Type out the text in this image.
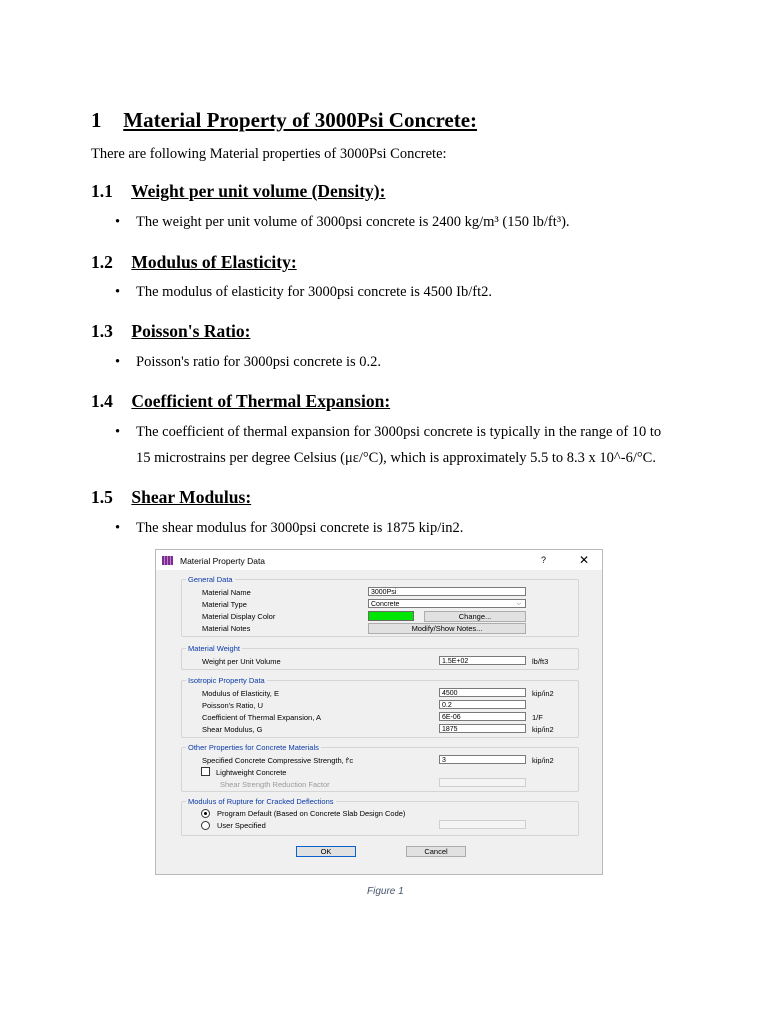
1 Material Property of 3000Psi Concrete:
There are following Material properties of 3000Psi Concrete:
1.1 Weight per unit volume (Density):
• The weight per unit volume of 3000psi concrete is 2400 kg/m³ (150 lb/ft³).
1.2 Modulus of Elasticity:
• The modulus of elasticity for 3000psi concrete is 4500 Ib/ft2.
1.3 Poisson's Ratio:
• Poisson's ratio for 3000psi concrete is 0.2.
1.4 Coefficient of Thermal Expansion:
• The coefficient of thermal expansion for 3000psi concrete is typically in the range of 10 to
15 microstrains per degree Celsius (με/°C), which is approximately 5.5 to 8.3 x 10^-6/°C.
1.5 Shear Modulus:
• The shear modulus for 3000psi concrete is 1875 kip/in2.
Material Property Data	?	✕
General Data
Material Name	3000Psi
Material Type	Concrete	⌵
Material Display Color	Change...
Material Notes	Modify/Show Notes...
Material Weight
Weight per Unit Volume	1.5E+02	lb/ft3
Isotropic Property Data
Modulus of Elasticity, E	4500	kip/in2
Poisson's Ratio, U	0.2
Coefficient of Thermal Expansion, A	6E-06	1/F
Shear Modulus, G	1875	kip/in2
Other Properties for Concrete Materials
Specified Concrete Compressive Strength, f'c	3	kip/in2
Lightweight Concrete
Shear Strength Reduction Factor
Modulus of Rupture for Cracked Deflections
Program Default (Based on Concrete Slab Design Code)
User Specified
OK	Cancel
Figure 1
